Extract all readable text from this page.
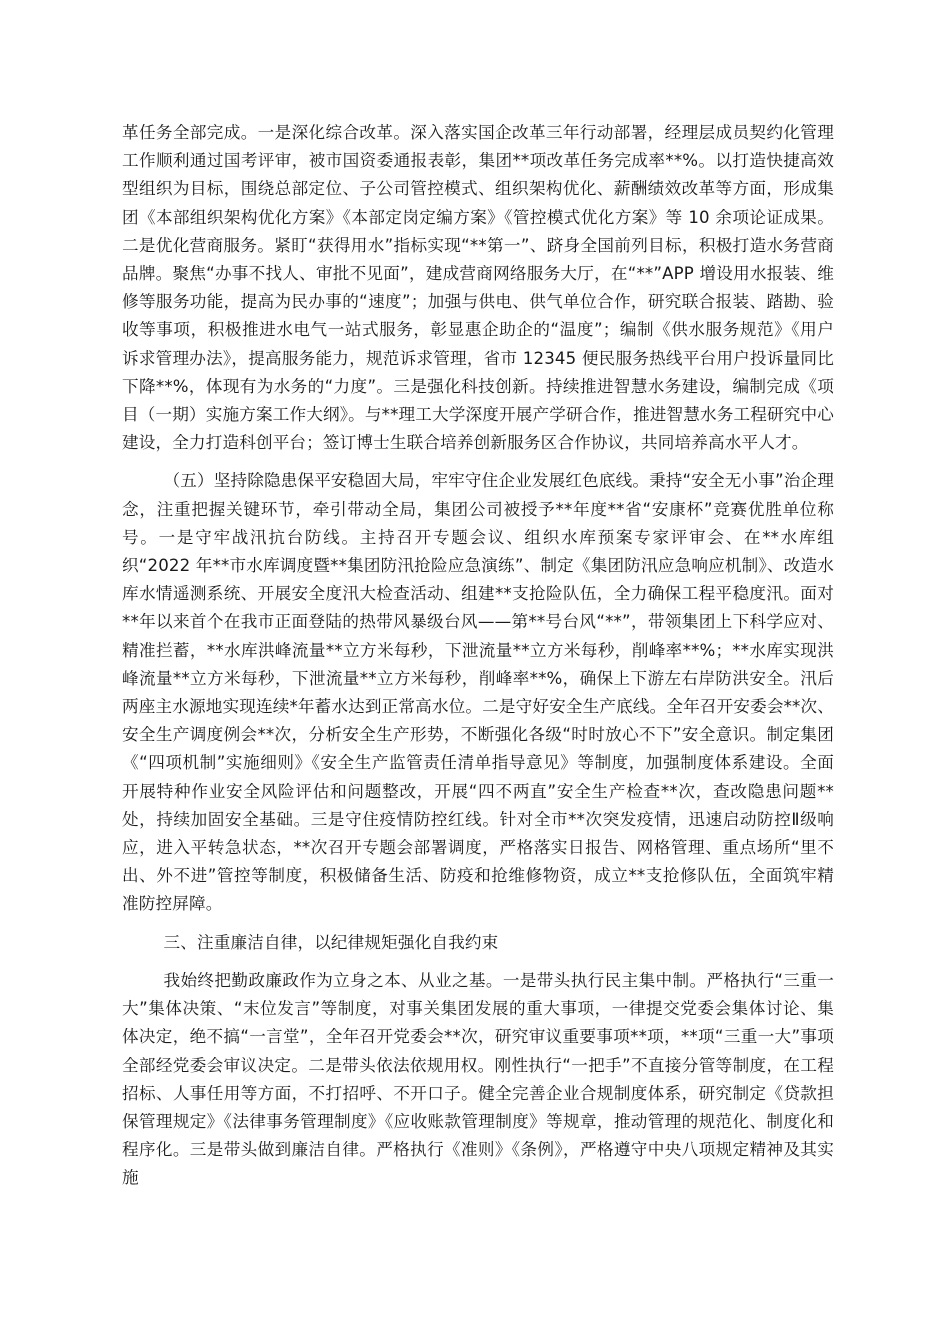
革任务全部完成。一是深化综合改革。深入落实国企改革三年行动部署，经理层成员契约化管理工作顺利通过国考评审，被市国资委通报表彰，集团**项改革任务完成率**%。以打造快捷高效型组织为目标，围绕总部定位、子公司管控模式、组织架构优化、薪酬绩效改革等方面，形成集团《本部组织架构优化方案》《本部定岗定编方案》《管控模式优化方案》等 10 余项论证成果。二是优化营商服务。紧盯“获得用水”指标实现“**第一”、跻身全国前列目标，积极打造水务营商品牌。聚焦“办事不找人、审批不见面”，建成营商网络服务大厅，在“**”APP 增设用水报装、维修等服务功能，提高为民办事的“速度”；加强与供电、供气单位合作，研究联合报装、踏勘、验收等事项，积极推进水电气一站式服务，彰显惠企助企的“温度”；编制《供水服务规范》《用户诉求管理办法》，提高服务能力，规范诉求管理，省市 12345 便民服务热线平台用户投诉量同比下降**%，体现有为水务的“力度”。三是强化科技创新。持续推进智慧水务建设，编制完成《项目（一期）实施方案工作大纲》。与**理工大学深度开展产学研合作，推进智慧水务工程研究中心建设，全力打造科创平台；签订博士生联合培养创新服务区合作协议，共同培养高水平人才。

（五）坚持除隐患保平安稳固大局，牢牢守住企业发展红色底线。秉持“安全无小事”治企理念，注重把握关键环节，牵引带动全局，集团公司被授予**年度**省“安康杯”竞赛优胜单位称号。一是守牢战汛抗台防线。主持召开专题会议、组织水库预案专家评审会、在**水库组织“2022 年**市水库调度暨**集团防汛抢险应急演练”、制定《集团防汛应急响应机制》、改造水库水情遥测系统、开展安全度汛大检查活动、组建**支抢险队伍，全力确保工程平稳度汛。面对**年以来首个在我市正面登陆的热带风暴级台风——第**号台风“**”，带领集团上下科学应对、精准拦蓄，**水库洪峰流量**立方米每秒，下泄流量**立方米每秒，削峰率**%；**水库实现洪峰流量**立方米每秒，下泄流量**立方米每秒，削峰率**%，确保上下游左右岸防洪安全。汛后两座主水源地实现连续*年蓄水达到正常高水位。二是守好安全生产底线。全年召开安委会**次、安全生产调度例会**次，分析安全生产形势，不断强化各级“时时放心不下”安全意识。制定集团《“四项机制”实施细则》《安全生产监管责任清单指导意见》等制度，加强制度体系建设。全面开展特种作业安全风险评估和问题整改，开展“四不两直”安全生产检查**次，查改隐患问题**处，持续加固安全基础。三是守住疫情防控红线。针对全市**次突发疫情，迅速启动防控Ⅱ级响应，进入平转急状态，**次召开专题会部署调度，严格落实日报告、网格管理、重点场所“里不出、外不进”管控等制度，积极储备生活、防疫和抢维修物资，成立**支抢修队伍，全面筑牢精准防控屏障。

三、注重廉洁自律，以纪律规矩强化自我约束

我始终把勤政廉政作为立身之本、从业之基。一是带头执行民主集中制。严格执行“三重一大”集体决策、“末位发言”等制度，对事关集团发展的重大事项，一律提交党委会集体讨论、集体决定，绝不搞“一言堂”，全年召开党委会**次，研究审议重要事项**项，**项“三重一大”事项全部经党委会审议决定。二是带头依法依规用权。刚性执行“一把手”不直接分管等制度，在工程招标、人事任用等方面，不打招呼、不开口子。健全完善企业合规制度体系，研究制定《贷款担保管理规定》《法律事务管理制度》《应收账款管理制度》等规章，推动管理的规范化、制度化和程序化。三是带头做到廉洁自律。严格执行《准则》《条例》，严格遵守中央八项规定精神及其实施
